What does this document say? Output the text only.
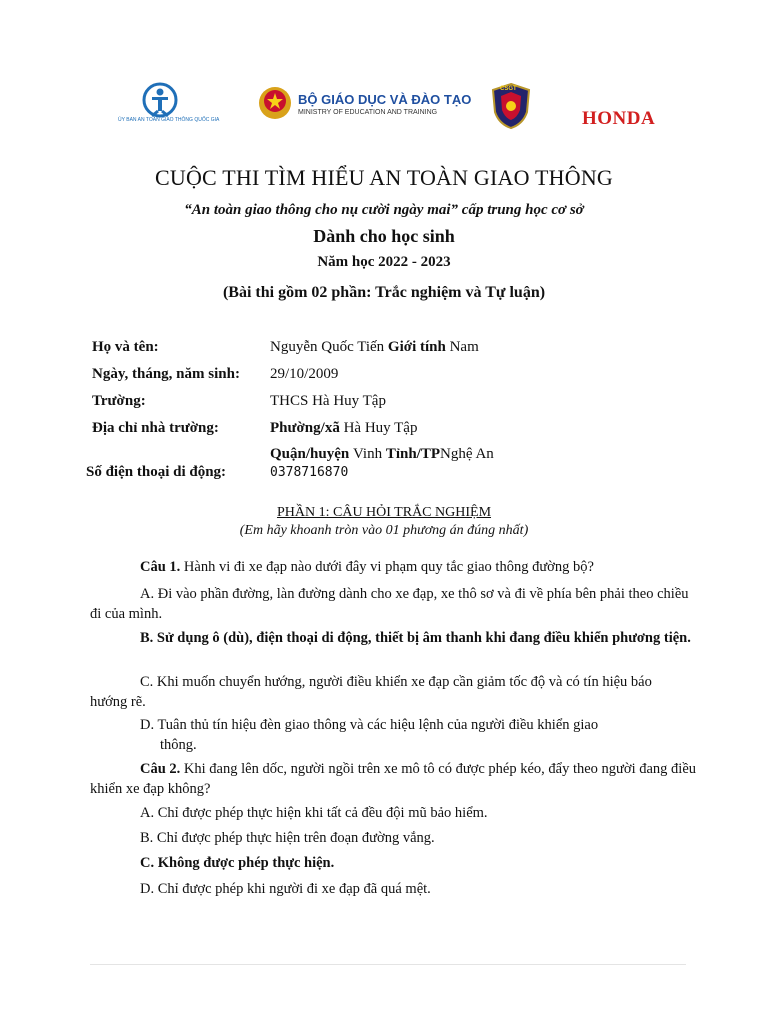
ỦY BAN AN TOÀN GIAO THÔNG QUỐC GIA
BỘ GIÁO DỤC VÀ ĐÀO TẠO
MINISTRY OF EDUCATION AND TRAINING
CSGT
HONDA
CUỘC THI TÌM HIỂU AN TOÀN GIAO THÔNG
“An toàn giao thông cho nụ cười ngày mai” cấp trung học cơ sở
Dành cho học sinh
Năm học 2022 - 2023
(Bài thi gồm 02 phần: Trắc nghiệm và Tự luận)
Họ và tên:	Nguyễn Quốc Tiến Giới tính Nam
Ngày, tháng, năm sinh: 29/10/2009
Trường:	THCS Hà Huy Tập
Địa chỉ nhà trường:	Phường/xã Hà Huy Tập
Quận/huyện Vinh Tỉnh/TPNghệ An
Số điện thoại di động:	0378716870
PHẦN 1: CÂU HỎI TRẮC NGHIỆM
(Em hãy khoanh tròn vào 01 phương án đúng nhất)
Câu 1. Hành vi đi xe đạp nào dưới đây vi phạm quy tắc giao thông đường bộ?
A. Đi vào phần đường, làn đường dành cho xe đạp, xe thô sơ và đi về phía bên phải theo chiều đi của mình.
B. Sử dụng ô (dù), điện thoại di động, thiết bị âm thanh khi đang điều khiển phương tiện.
C. Khi muốn chuyển hướng, người điều khiển xe đạp cần giảm tốc độ và có tín hiệu báo hướng rẽ.
D. Tuân thủ tín hiệu đèn giao thông và các hiệu lệnh của người điều khiển giao
thông.
Câu 2. Khi đang lên dốc, người ngồi trên xe mô tô có được phép kéo, đẩy theo người đang điều khiển xe đạp không?
A. Chỉ được phép thực hiện khi tất cả đều đội mũ bảo hiểm.
B. Chỉ được phép thực hiện trên đoạn đường vắng.
C. Không được phép thực hiện.
D. Chỉ được phép khi người đi xe đạp đã quá mệt.
